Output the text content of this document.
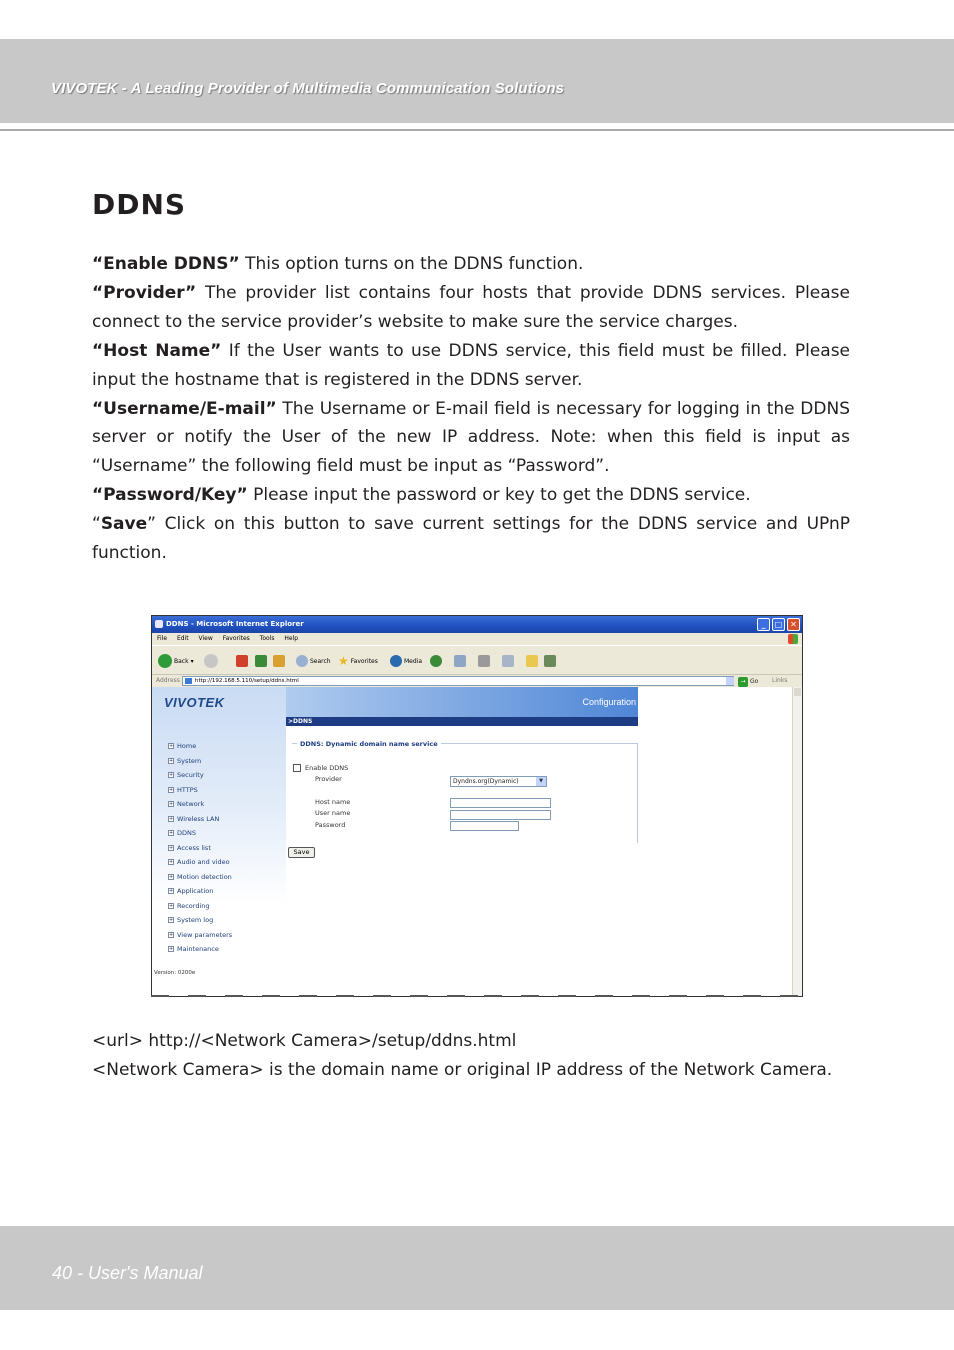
VIVOTEK - A Leading Provider of Multimedia Communication Solutions
DDNS

“Enable DDNS” This option turns on the DDNS function.

“Provider” The provider list contains four hosts that provide DDNS services. Please connect to the service provider’s website to make sure the service charges.

“Host Name” If the User wants to use DDNS service, this field must be filled. Please input the hostname that is registered in the DDNS server.

“Username/E-mail” The Username or E-mail field is necessary for logging in the DDNS server or notify the User of the new IP address. Note: when this field is input as “Username” the following field must be input as “Password”.

“Password/Key” Please input the password or key to get the DDNS service.

“Save” Click on this button to save current settings for the DDNS service and UPnP function.

DDNS - Microsoft Internet Explorer	_	□ ✕
File Edit View Favorites Tools Help
Back ▾	Search ★ Favorites	Media
Address	http://192.168.5.110/setup/ddns.html	→ Go Links
VIVOTEK
+ Home
+ System
+ Security
+ HTTPS
+ Network
+ Wireless LAN
+ DDNS
+ Access list
+ Audio and video
+ Motion detection
+ Application
+ Recording
+ System log
+ View parameters
+ Maintenance
Version: 0200e
Configuration
>DDNS
DDNS: Dynamic domain name service
Enable DDNS
Provider	Dyndns.org(Dynamic)	▼
Host name
User name
Password
Save
<url> http://<Network Camera>/setup/ddns.html
<Network Camera> is the domain name or original IP address of the Network Camera.
40 - User's Manual
